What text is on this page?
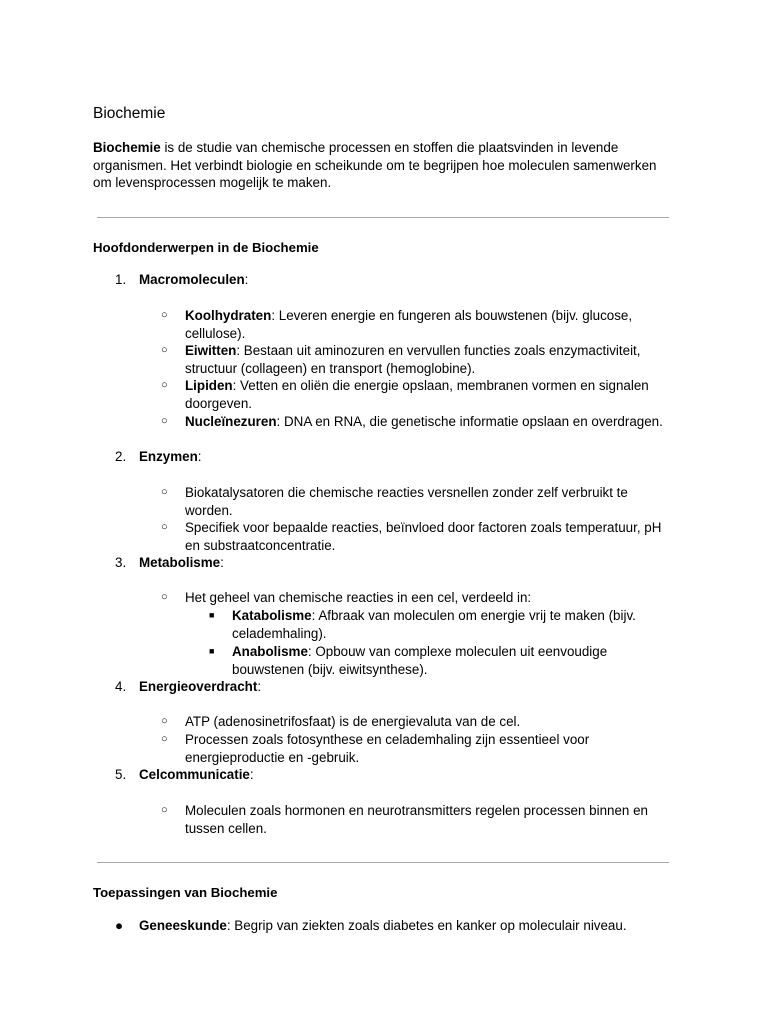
Biochemie

Biochemie is de studie van chemische processen en stoffen die plaatsvinden in levende organismen. Het verbindt biologie en scheikunde om te begrijpen hoe moleculen samenwerken om levensprocessen mogelijk te maken.

Hoofdonderwerpen in de Biochemie
1. Macromoleculen:
○ Koolhydraten: Leveren energie en fungeren als bouwstenen (bijv. glucose, cellulose).
○ Eiwitten: Bestaan uit aminozuren en vervullen functies zoals enzymactiviteit, structuur (collageen) en transport (hemoglobine).
○ Lipiden: Vetten en oliën die energie opslaan, membranen vormen en signalen doorgeven.
○ Nucleïnezuren: DNA en RNA, die genetische informatie opslaan en overdragen.
2. Enzymen:
○ Biokatalysatoren die chemische reacties versnellen zonder zelf verbruikt te worden.
○ Specifiek voor bepaalde reacties, beïnvloed door factoren zoals temperatuur, pH en substraatconcentratie.
3. Metabolisme:
○ Het geheel van chemische reacties in een cel, verdeeld in:
■ Katabolisme: Afbraak van moleculen om energie vrij te maken (bijv. celademhaling).
■ Anabolisme: Opbouw van complexe moleculen uit eenvoudige bouwstenen (bijv. eiwitsynthese).
4. Energieoverdracht:
○ ATP (adenosinetrifosfaat) is de energievaluta van de cel.
○ Processen zoals fotosynthese en celademhaling zijn essentieel voor energieproductie en -gebruik.
5. Celcommunicatie:
○ Moleculen zoals hormonen en neurotransmitters regelen processen binnen en tussen cellen.
Toepassingen van Biochemie
● Geneeskunde: Begrip van ziekten zoals diabetes en kanker op moleculair niveau.
